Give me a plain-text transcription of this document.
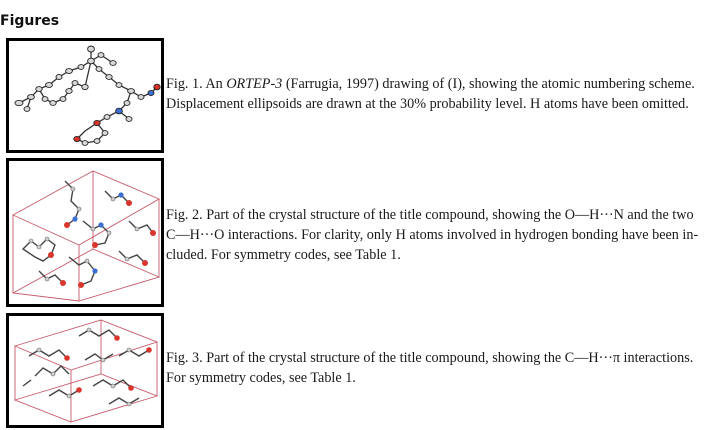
Figures
Fig. 1. An ORTEP-3 (Farrugia, 1997) drawing of (I), showing the atomic numbering scheme.
Displacement ellipsoids are drawn at the 30% probability level. H atoms have been omitted.
Fig. 2. Part of the crystal structure of the title compound, showing the O—H···N and the two
C—H···O interactions. For clarity, only H atoms involved in hydrogen bonding have been in-
cluded. For symmetry codes, see Table 1.
Fig. 3. Part of the crystal structure of the title compound, showing the C—H···π interactions.
For symmetry codes, see Table 1.
